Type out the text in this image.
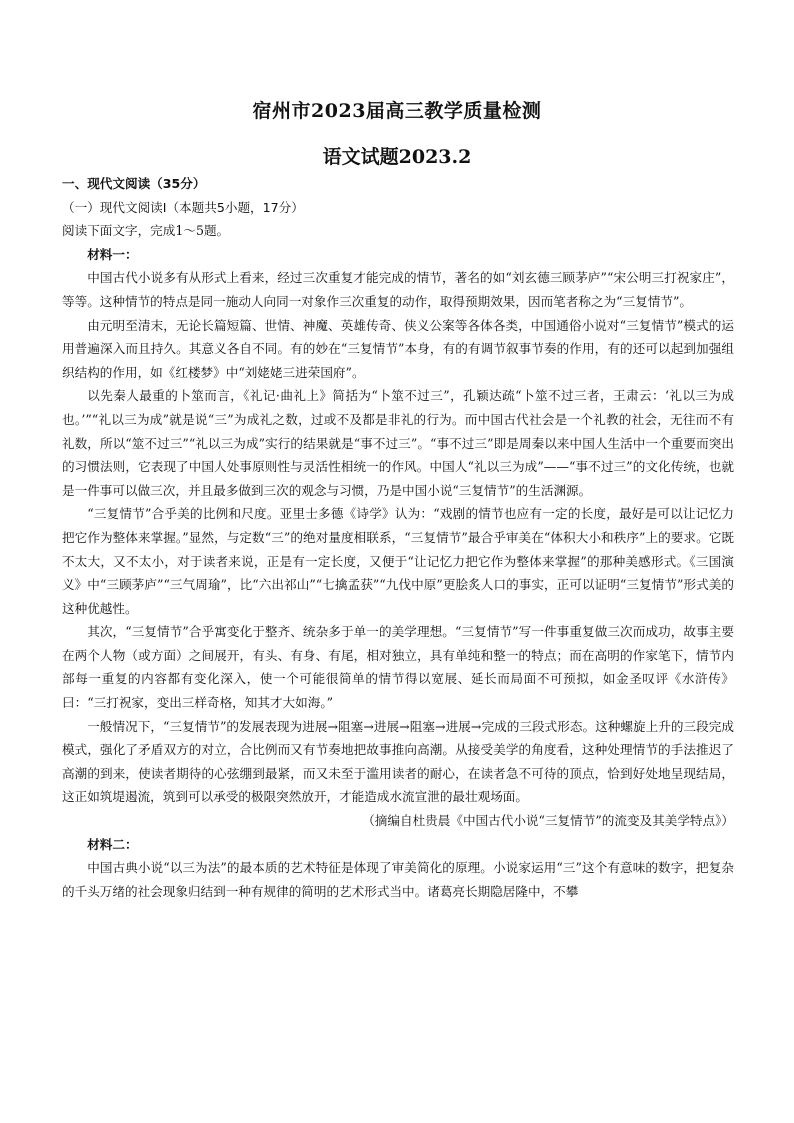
宿州市2023届高三教学质量检测
语文试题2023.2

一、现代文阅读（35分）

（一）现代文阅读Ⅰ（本题共5小题，17分）

阅读下面文字，完成1～5题。

材料一：

中国古代小说多有从形式上看来，经过三次重复才能完成的情节，著名的如“刘玄德三顾茅庐”“宋公明三打祝家庄”，等等。这种情节的特点是同一施动人向同一对象作三次重复的动作，取得预期效果，因而笔者称之为“三复情节”。

由元明至清末，无论长篇短篇、世情、神魔、英雄传奇、侠义公案等各体各类，中国通俗小说对“三复情节”模式的运用普遍深入而且持久。其意义各自不同。有的妙在“三复情节”本身，有的有调节叙事节奏的作用，有的还可以起到加强组织结构的作用，如《红楼梦》中“刘姥姥三进荣国府”。

以先秦人最重的卜筮而言，《礼记·曲礼上》简括为“卜筮不过三”，孔颖达疏“卜筮不过三者，王肃云：‘礼以三为成也。’”“礼以三为成”就是说“三”为成礼之数，过或不及都是非礼的行为。而中国古代社会是一个礼教的社会，无往而不有礼数，所以“筮不过三”“礼以三为成”实行的结果就是“事不过三”。“事不过三”即是周秦以来中国人生活中一个重要而突出的习惯法则，它表现了中国人处事原则性与灵活性相统一的作风。中国人“礼以三为成”——“事不过三”的文化传统，也就是一件事可以做三次，并且最多做到三次的观念与习惯，乃是中国小说“三复情节”的生活渊源。

“三复情节”合乎美的比例和尺度。亚里士多德《诗学》认为：“戏剧的情节也应有一定的长度，最好是可以让记忆力把它作为整体来掌握。”显然，与定数“三”的绝对量度相联系，“三复情节”最合乎审美在“体积大小和秩序”上的要求。它既不太大，又不太小，对于读者来说，正是有一定长度，又便于“让记忆力把它作为整体来掌握”的那种美感形式。《三国演义》中“三顾茅庐”“三气周瑜”，比“六出祁山”“七擒孟获”“九伐中原”更脍炙人口的事实，正可以证明“三复情节”形式美的这种优越性。

其次，“三复情节”合乎寓变化于整齐、统杂多于单一的美学理想。“三复情节”写一件事重复做三次而成功，故事主要在两个人物（或方面）之间展开，有头、有身、有尾，相对独立，具有单纯和整一的特点；而在高明的作家笔下，情节内部每一重复的内容都有变化深入，使一个可能很简单的情节得以宽展、延长而局面不可预拟，如金圣叹评《水浒传》曰：“三打祝家，变出三样奇格，知其才大如海。”

一般情况下，“三复情节”的发展表现为进展→阻塞→进展→阻塞→进展→完成的三段式形态。这种螺旋上升的三段完成模式，强化了矛盾双方的对立，合比例而又有节奏地把故事推向高潮。从接受美学的角度看，这种处理情节的手法推迟了高潮的到来，使读者期待的心弦绷到最紧，而又未至于滥用读者的耐心，在读者急不可待的顶点，恰到好处地呈现结局，这正如筑堤遏流，筑到可以承受的极限突然放开，才能造成水流宣泄的最壮观场面。

（摘编自杜贵晨《中国古代小说“三复情节”的流变及其美学特点》）

材料二：

中国古典小说“以三为法”的最本质的艺术特征是体现了审美简化的原理。小说家运用“三”这个有意味的数字，把复杂的千头万绪的社会现象归结到一种有规律的简明的艺术形式当中。诸葛亮长期隐居隆中，不攀
